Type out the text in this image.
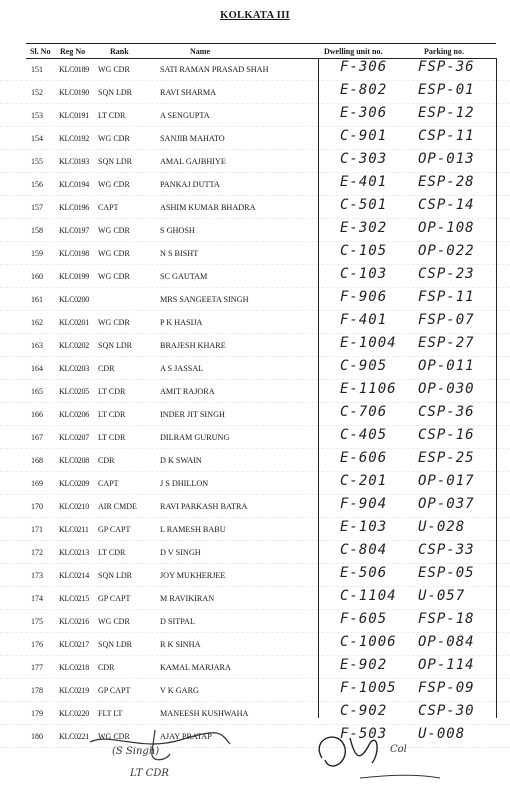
KOLKATA III
Sl. No Reg No	Rank	Name	Dwelling unit no.	Parking no.
151 KLC0189 WG CDR	SATI RAMAN PRASAD SHAH	F-306 FSP-36
152 KLC0190 SQN LDR	RAVI SHARMA	E-802 ESP-01
153 KLC0191 LT CDR	A SENGUPTA	E-306 ESP-12
154 KLC0192 WG CDR	SANJIB MAHATO	C-901 CSP-11
155 KLC0193 SQN LDR	AMAL GAJBHIYE	C-303 OP-013
156 KLC0194 WG CDR	PANKAJ DUTTA	E-401 ESP-28
157 KLC0196 CAPT	ASHIM KUMAR BHADRA	C-501 CSP-14
158 KLC0197 WG CDR	S GHOSH	E-302 OP-108
159 KLC0198 WG CDR	N S BISHT	C-105 OP-022
160 KLC0199 WG CDR	SC GAUTAM	C-103 CSP-23
161 KLC0200	MRS SANGEETA SINGH	F-906 FSP-11
162 KLC0201 WG CDR	P K HASIJA	F-401 FSP-07
163 KLC0202 SQN LDR	BRAJESH KHARE	E-1004 ESP-27
164 KLC0203 CDR	A S JASSAL	C-905 OP-011
165 KLC0205 LT CDR	AMIT RAJORA	E-1106 OP-030
166 KLC0206 LT CDR	INDER JIT SINGH	C-706 CSP-36
167 KLC0207 LT CDR	DILRAM GURUNG	C-405 CSP-16
168 KLC0208 CDR	D K SWAIN	E-606 ESP-25
169 KLC0209 CAPT	J S DHILLON	C-201 OP-017
170 KLC0210 AIR CMDE	RAVI PARKASH BATRA	F-904 OP-037
171 KLC0211 GP CAPT	L RAMESH BABU	E-103 U-028
172 KLC0213 LT CDR	D V SINGH	C-804 CSP-33
173 KLC0214 SQN LDR	JOY MUKHERJEE	E-506 ESP-05
174 KLC0215 GP CAPT	M RAVIKIRAN	C-1104 U-057
175 KLC0216 WG CDR	D SITPAL	F-605 FSP-18
176 KLC0217 SQN LDR	R K SINHA	C-1006 OP-084
177 KLC0218 CDR	KAMAL MARJARA	E-902 OP-114
178 KLC0219 GP CAPT	V K GARG	F-1005 FSP-09
179 KLC0220 FLT LT	MANEESH KUSHWAHA	C-902 CSP-30
180 KLC0221 WG CDR	AJAY PRATAP	F-503 U-008
(S Singh)
LT CDR
Col
